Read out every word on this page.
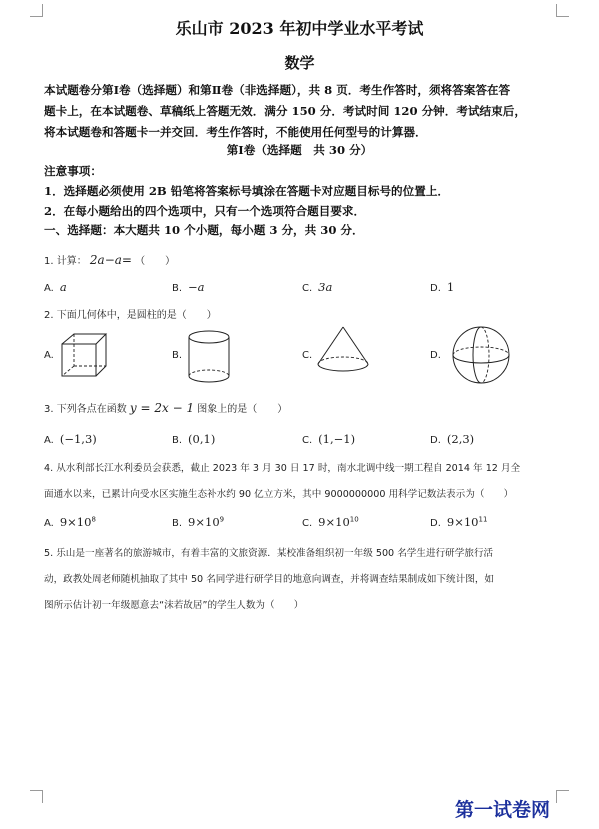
乐山市 2023 年初中学业水平考试
数学
本试题卷分第Ⅰ卷（选择题）和第Ⅱ卷（非选择题），共 8 页．考生作答时，须将答案答在答
题卡上，在本试题卷、草稿纸上答题无效．满分 150 分．考试时间 120 分钟．考试结束后，
将本试题卷和答题卡一并交回．考生作答时，不能使用任何型号的计算器．
第Ⅰ卷（选择题　共 30 分）
注意事项：
1．选择题必须使用 2B 铅笔将答案标号填涂在答题卡对应题目标号的位置上．
2．在每小题给出的四个选项中，只有一个选项符合题目要求．
一、选择题：本大题共 10 个小题，每小题 3 分，共 30 分．
1. 计算： 2a−a= （　　）
A. a	B. −a	C. 3a	D. 1
2. 下面几何体中，是圆柱的是（　　）
A.	B.	C.	D.
3. 下列各点在函数 y = 2x − 1 图象上的是（　　）
A. (−1,3)	B. (0,1)	C. (1,−1)	D. (2,3)
4. 从水利部长江水利委员会获悉，截止 2023 年 3 月 30 日 17 时，南水北调中线一期工程自 2014 年 12 月全
面通水以来，已累计向受水区实施生态补水约 90 亿立方米，其中 9000000000 用科学记数法表示为（　　）
A. $9\times 10^8$	B. $9\times 10^9$	C. $9\times 10^{10}$	D. $9\times 10^{11}$
5. 乐山是一座著名的旅游城市，有着丰富的文旅资源．某校准备组织初一年级 500 名学生进行研学旅行活
动，政教处周老师随机抽取了其中 50 名同学进行研学目的地意向调查，并将调查结果制成如下统计图，如
图所示估计初一年级愿意去“沫若故居”的学生人数为（　　）
第一试卷网
